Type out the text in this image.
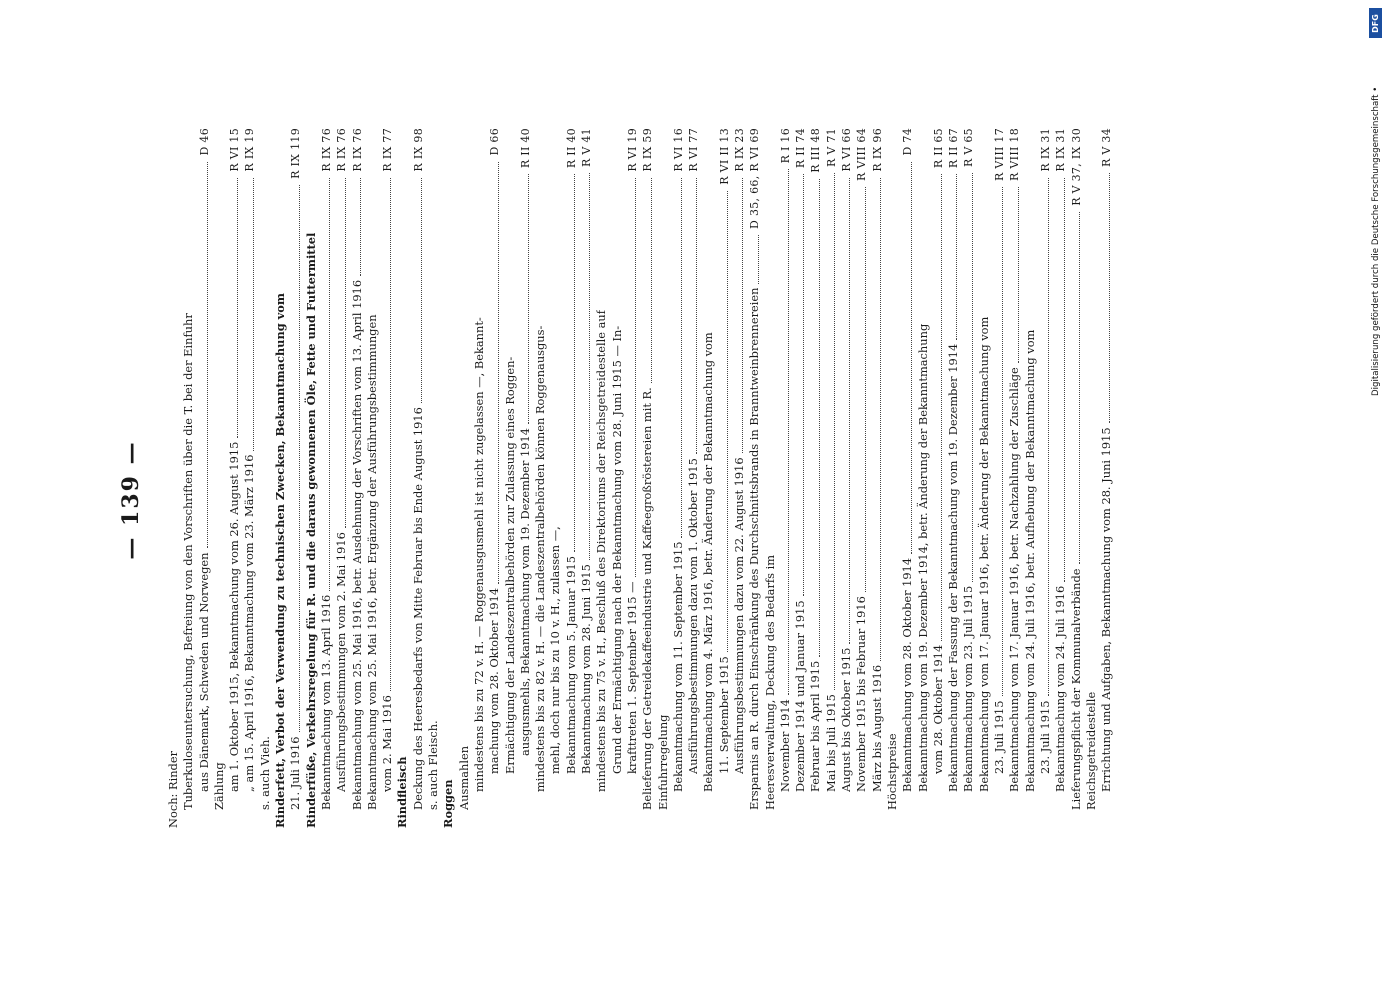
— 139 —
Noch: Rinder Tuberkuloseuntersuchung, Befreiung von den Vorschriften über die T. bei der Einfuhr aus Dänemark, Schweden und Norwegen
D 46
Zählung am 1. Oktober 1915, Bekanntmachung vom 26. August 1915
R VI 15
„ am 15. April 1916, Bekanntmachung vom 23. März 1916
R IX 19
s. auch Vieh. Rinderfett, Verbot der Verwendung zu technischen Zwecken, Bekanntmachung vom 21. Juli 1916
R IX 119
Rinderfüße, Verkehrsregelung für R. und die daraus gewonnenen Öle, Fette und Futtermittel Bekanntmachung vom 13. April 1916
R IX 76
Ausführungsbestimmungen vom 2. Mai 1916
R IX 76
Bekanntmachung vom 25. Mai 1916, betr. Ausdehnung der Vorschriften vom 13. April 1916
R IX 76
Bekanntmachung vom 25. Mai 1916, betr. Ergänzung der Ausführungsbestimmungen vom 2. Mai 1916
R IX 77
Rindfleisch Deckung des Heeresbedarfs von Mitte Februar bis Ende August 1916
R IX 98
s. auch Fleisch. Roggen Ausmahlen mindestens bis zu 72 v. H. — Roggenausgusmehl ist nicht zugelassen —, Bekannt- machung vom 28. Oktober 1914
D 66
Ermächtigung der Landeszentralbehörden zur Zulassung eines Roggen- ausgusmehls, Bekanntmachung vom 19. Dezember 1914
R II 40
mindestens bis zu 82 v. H. — die Landeszentralbehörden können Roggenausgus- mehl, doch nur bis zu 10 v. H., zulassen —, Bekanntmachung vom 5. Januar 1915
R II 40
Bekanntmachung vom 28. Juni 1915
R V 41
mindestens bis zu 75 v. H., Beschluß des Direktoriums der Reichsgetreidestelle auf Grund der Ermächtigung nach der Bekanntmachung vom 28. Juni 1915 — In- krafttreten 1. September 1915 —
R VI 19
Belieferung der Getreidekaffeeindustrie und Kaffeegroßröstereien mit R.
R IX 59
Einfuhrregelung Bekanntmachung vom 11. September 1915
R VI 16
Ausführungsbestimmungen dazu vom 1. Oktober 1915
R VI 77
Bekanntmachung vom 4. März 1916, betr. Änderung der Bekanntmachung vom 11. September 1915
R VI II 13
Ausführungsbestimmungen dazu vom 22. August 1916
R IX 23
Ersparnis an R. durch Einschränkung des Durchschnittsbrands in Branntweinbrennereien
D 35, 66, R VI 69
Heeresverwaltung, Deckung des Bedarfs im November 1914
R I 16
Dezember 1914 und Januar 1915
R II 74
Februar bis April 1915
R III 48
Mai bis Juli 1915
R V 71
August bis Oktober 1915
R VI 66
November 1915 bis Februar 1916
R VIII 64
März bis August 1916
R IX 96
Höchstpreise Bekanntmachung vom 28. Oktober 1914
D 74
Bekanntmachung vom 19. Dezember 1914, betr. Änderung der Bekanntmachung vom 28. Oktober 1914
R II 65
Bekanntmachung der Fassung der Bekanntmachung vom 19. Dezember 1914
R II 67
Bekanntmachung vom 23. Juli 1915
R V 65
Bekanntmachung vom 17. Januar 1916, betr. Änderung der Bekanntmachung vom 23. Juli 1915
R VIII 17
Bekanntmachung vom 17. Januar 1916, betr. Nachzahlung der Zuschläge
R VIII 18
Bekanntmachung vom 24. Juli 1916, betr. Aufhebung der Bekanntmachung vom 23. Juli 1915
R IX 31
Bekanntmachung vom 24. Juli 1916
R IX 31
Lieferungspflicht der Kommunalverbände
R V 37, IX 30
Reichsgetreidestelle Errichtung und Aufgaben, Bekanntmachung vom 28. Juni 1915
R V 34	Digitalisierung gefördert durch die Deutsche Forschungsgemeinschaft •
DFG
